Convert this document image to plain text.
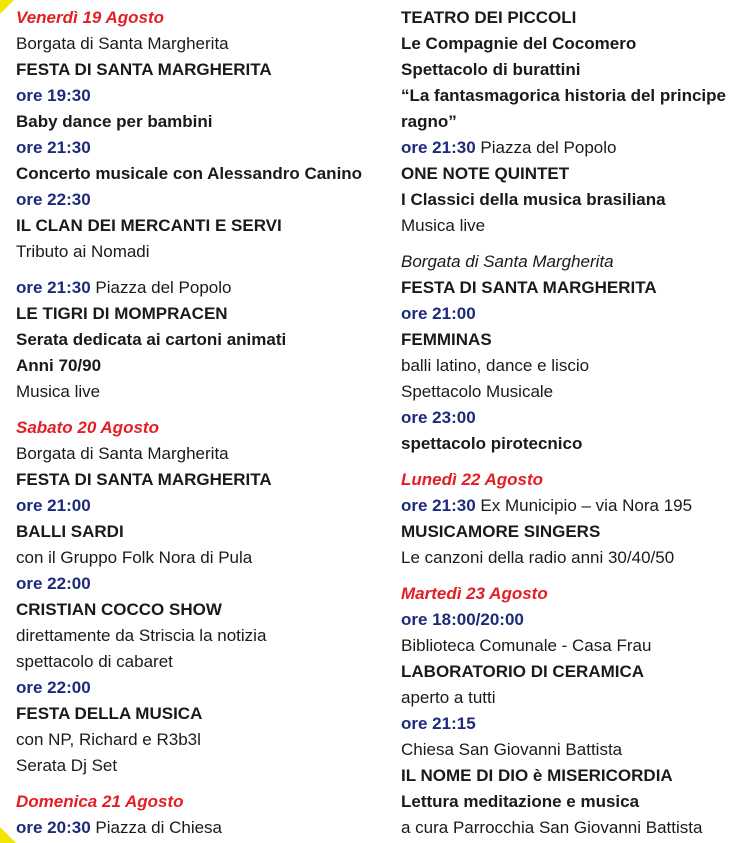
Venerdì 19 Agosto
Borgata di Santa Margherita
FESTA DI SANTA MARGHERITA
ore 19:30
Baby dance per bambini
ore 21:30
Concerto musicale con Alessandro Canino
ore 22:30
IL CLAN DEI MERCANTI E SERVI
Tributo ai Nomadi
ore 21:30 Piazza del Popolo
LE TIGRI DI MOMPRACEN
Serata dedicata ai cartoni animati
Anni 70/90
Musica live
Sabato 20 Agosto
Borgata di Santa Margherita
FESTA DI SANTA MARGHERITA
ore 21:00
BALLI SARDI
con il Gruppo Folk Nora di Pula
ore 22:00
CRISTIAN COCCO SHOW
direttamente da Striscia la notizia
spettacolo di cabaret
ore 22:00
FESTA DELLA MUSICA
con NP, Richard e R3b3l
Serata Dj Set
Domenica 21 Agosto
ore 20:30 Piazza di Chiesa
TEATRO DEI PICCOLI
Le Compagnie del Cocomero
Spettacolo di burattini
“La fantasmagorica historia del principe
ragno”
ore 21:30 Piazza del Popolo
ONE NOTE QUINTET
I Classici della musica brasiliana
Musica live
Borgata di Santa Margherita
FESTA DI SANTA MARGHERITA
ore 21:00
FEMMINAS
balli latino, dance e liscio
Spettacolo Musicale
ore 23:00
spettacolo pirotecnico
Lunedì 22 Agosto
ore 21:30 Ex Municipio – via Nora 195
MUSICAMORE SINGERS
Le canzoni della radio anni 30/40/50
Martedì 23 Agosto
ore 18:00/20:00
Biblioteca Comunale - Casa Frau
LABORATORIO DI CERAMICA
aperto a tutti
ore 21:15
Chiesa San Giovanni Battista
IL NOME DI DIO è MISERICORDIA
Lettura meditazione e musica
a cura Parrocchia San Giovanni Battista
